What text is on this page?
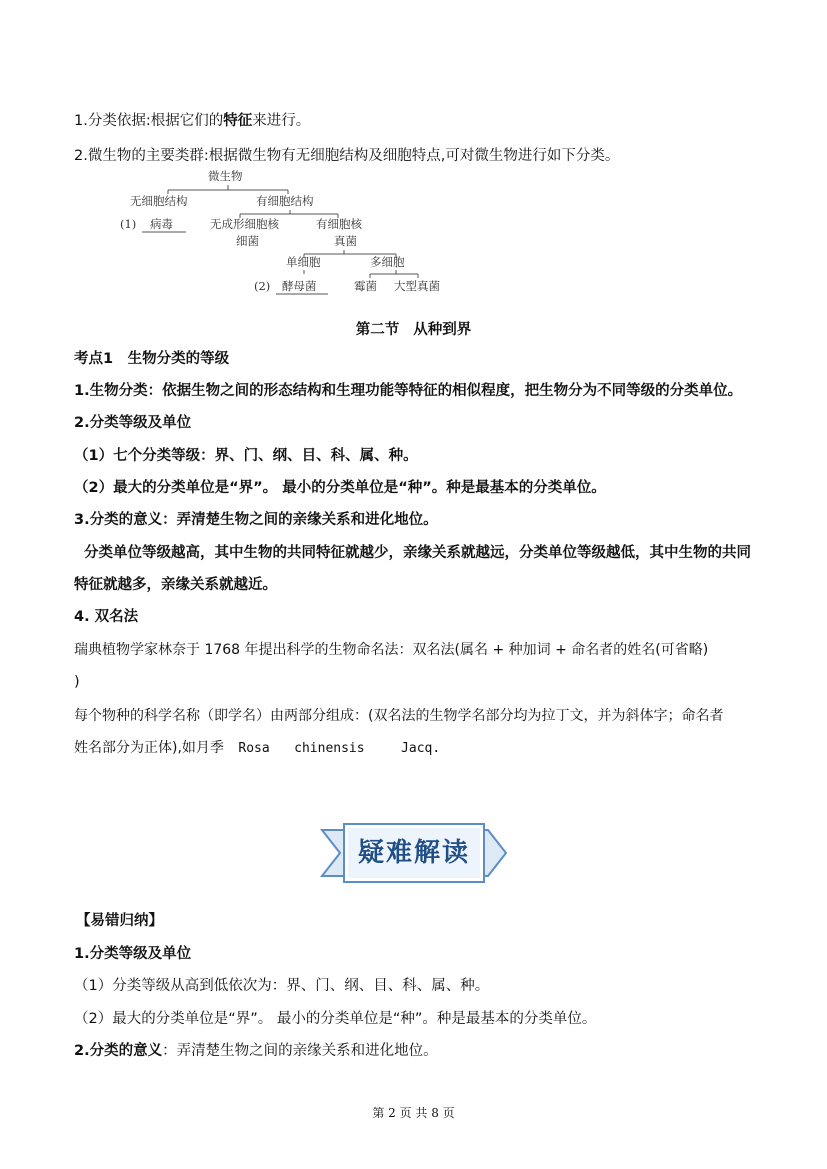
1.分类依据:根据它们的特征来进行。
2.微生物的主要类群:根据微生物有无细胞结构及细胞特点,可对微生物进行如下分类。
微生物
无细胞结构	有细胞结构
(1) 病毒	无成形细胞核	有细胞核
细菌	真菌
单细胞	多细胞
(2) 酵母菌	霉菌 大型真菌
第二节 从种到界
考点1　生物分类的等级
1.生物分类：依据生物之间的形态结构和生理功能等特征的相似程度，把生物分为不同等级的分类单位。
2.分类等级及单位
（1）七个分类等级：界、门、纲、目、科、属、种。
（2）最大的分类单位是“界”。 最小的分类单位是“种”。种是最基本的分类单位。
3.分类的意义：弄清楚生物之间的亲缘关系和进化地位。
分类单位等级越高，其中生物的共同特征就越少，亲缘关系就越远，分类单位等级越低，其中生物的共同
特征就越多，亲缘关系就越近。
4. 双名法
瑞典植物学家林奈于 1768 年提出科学的生物命名法：双名法(属名 + 种加词 + 命名者的姓名(可省略)
)
每个物种的科学名称（即学名）由两部分组成：(双名法的生物学名部分均为拉丁文，并为斜体字；命名者
姓名部分为正体),如月季 Rosa chinensis	Jacq.
疑难解读
【易错归纳】
1.分类等级及单位
（1）分类等级从高到低依次为：界、门、纲、目、科、属、种。
（2）最大的分类单位是“界”。 最小的分类单位是“种”。种是最基本的分类单位。
2.分类的意义：弄清楚生物之间的亲缘关系和进化地位。
第 2 页 共 8 页
